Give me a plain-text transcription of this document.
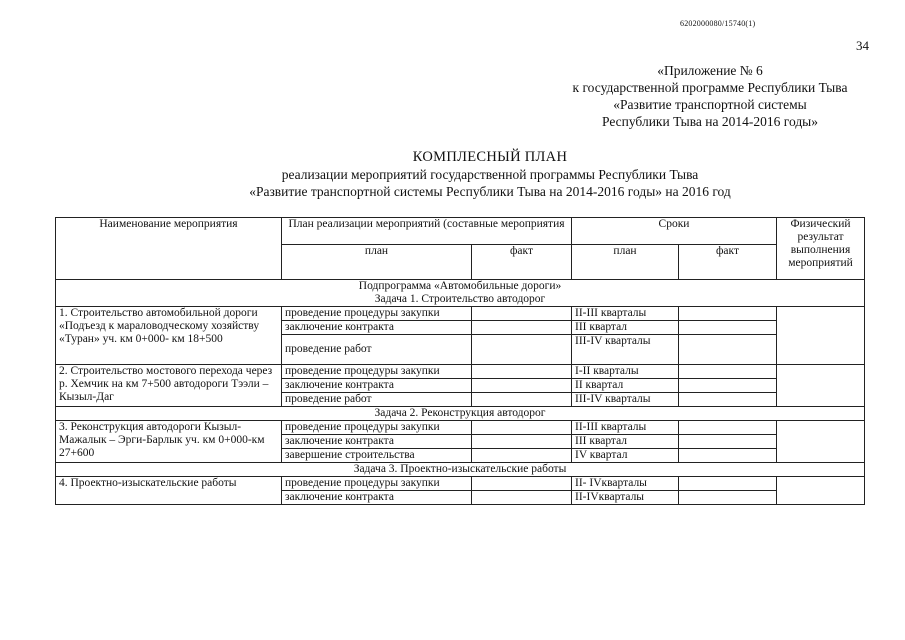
6202000080/15740(1)
34
«Приложение № 6
к государственной программе Республики Тыва
«Развитие транспортной системы
Республики Тыва на 2014-2016 годы»
КОМПЛЕСНЫЙ ПЛАН
реализации мероприятий государственной программы Республики Тыва
«Развитие транспортной системы Республики Тыва на 2014-2016 годы» на 2016 год
Наименование мероприятия	План реализации мероприятий (составные мероприятия		Сроки		Физический результат выполнения мероприятий
	план	факт	план	факт	

Подпрограмма «Автомобильные дороги»
Задача 1. Строительство автодорог					

1. Строительство автомобильной дороги «Подъезд к мараловодческому хозяйству «Туран» уч. км 0+000- км 18+500	проведение процедуры закупки		II-III кварталы		
	заключение контракта		III квартал		
	проведение работ		III-IV кварталы		
2. Строительство мостового перехода через р. Хемчик на км 7+500 автодороги Тээли – Кызыл-Даг	проведение процедуры закупки		I-II кварталы		
	заключение контракта		II квартал		
	проведение работ		III-IV кварталы		
Задача 2. Реконструкция автодорог					
3. Реконструкция автодороги Кызыл-Мажалык – Эрги-Барлык уч. км 0+000-км 27+600	проведение процедуры закупки		II-III кварталы		
	заключение контракта		III квартал		
	завершение строительства		IV квартал		
Задача 3. Проектно-изыскательские работы					
4. Проектно-изыскательские работы	проведение процедуры закупки		II- IVкварталы		
	заключение контракта		II-IVкварталы		
